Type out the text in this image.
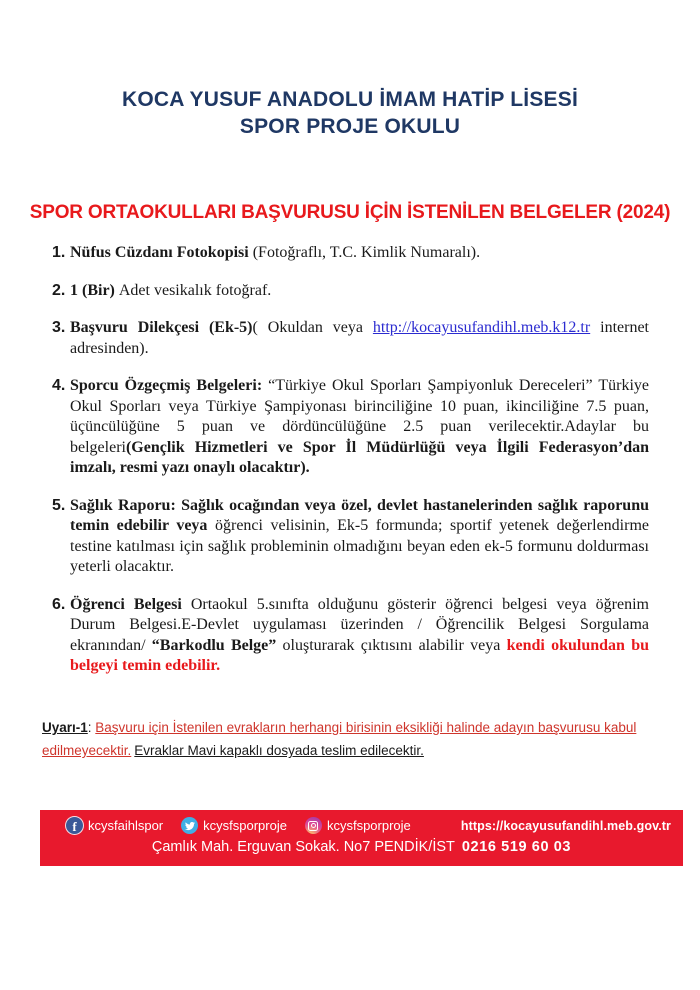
KOCA YUSUF ANADOLU İMAM HATİP LİSESİ
SPOR PROJE OKULU
SPOR ORTAOKULLARI BAŞVURUSU İÇİN İSTENİLEN BELGELER (2024)
1. Nüfus Cüzdanı Fotokopisi (Fotoğraflı, T.C. Kimlik Numaralı).
2. 1 (Bir) Adet vesikalık fotoğraf.
3. Başvuru Dilekçesi (Ek-5)( Okuldan veya http://kocayusufandihl.meb.k12.tr internet adresinden).
4. Sporcu Özgeçmiş Belgeleri: “Türkiye Okul Sporları Şampiyonluk Dereceleri” Türkiye Okul Sporları veya Türkiye Şampiyonası birinciliğine 10 puan, ikinciliğine 7.5 puan, üçüncülüğüne 5 puan ve dördüncülüğüne 2.5 puan verilecektir.Adaylar bu belgeleri(Gençlik Hizmetleri ve Spor İl Müdürlüğü veya İlgili Federasyon’dan imzalı, resmi yazı onaylı olacaktır).
5. Sağlık Raporu: Sağlık ocağından veya özel, devlet hastanelerinden sağlık raporunu temin edebilir veya öğrenci velisinin, Ek-5 formunda; sportif yetenek değerlendirme testine katılması için sağlık probleminin olmadığını beyan eden ek-5 formunu doldurması yeterli olacaktır.
6. Öğrenci Belgesi Ortaokul 5.sınıfta olduğunu gösterir öğrenci belgesi veya öğrenim Durum Belgesi.E-Devlet uygulaması üzerinden / Öğrencilik Belgesi Sorgulama ekranından/ “Barkodlu Belge” oluşturarak çıktısını alabilir veya kendi okulundan bu belgeyi temin edebilir.
Uyarı-1: Başvuru için İstenilen evrakların herhangi birisinin eksikliği halinde adayın başvurusu kabul edilmeyecektir. Evraklar Mavi kapaklı dosyada teslim edilecektir.
f kcysfaihlspor	kcysfsporproje	kcysfsporproje	https://kocayusufandihl.meb.gov.tr
Çamlık Mah. Erguvan Sokak. No7 PENDİK/İST 0216 519 60 03
